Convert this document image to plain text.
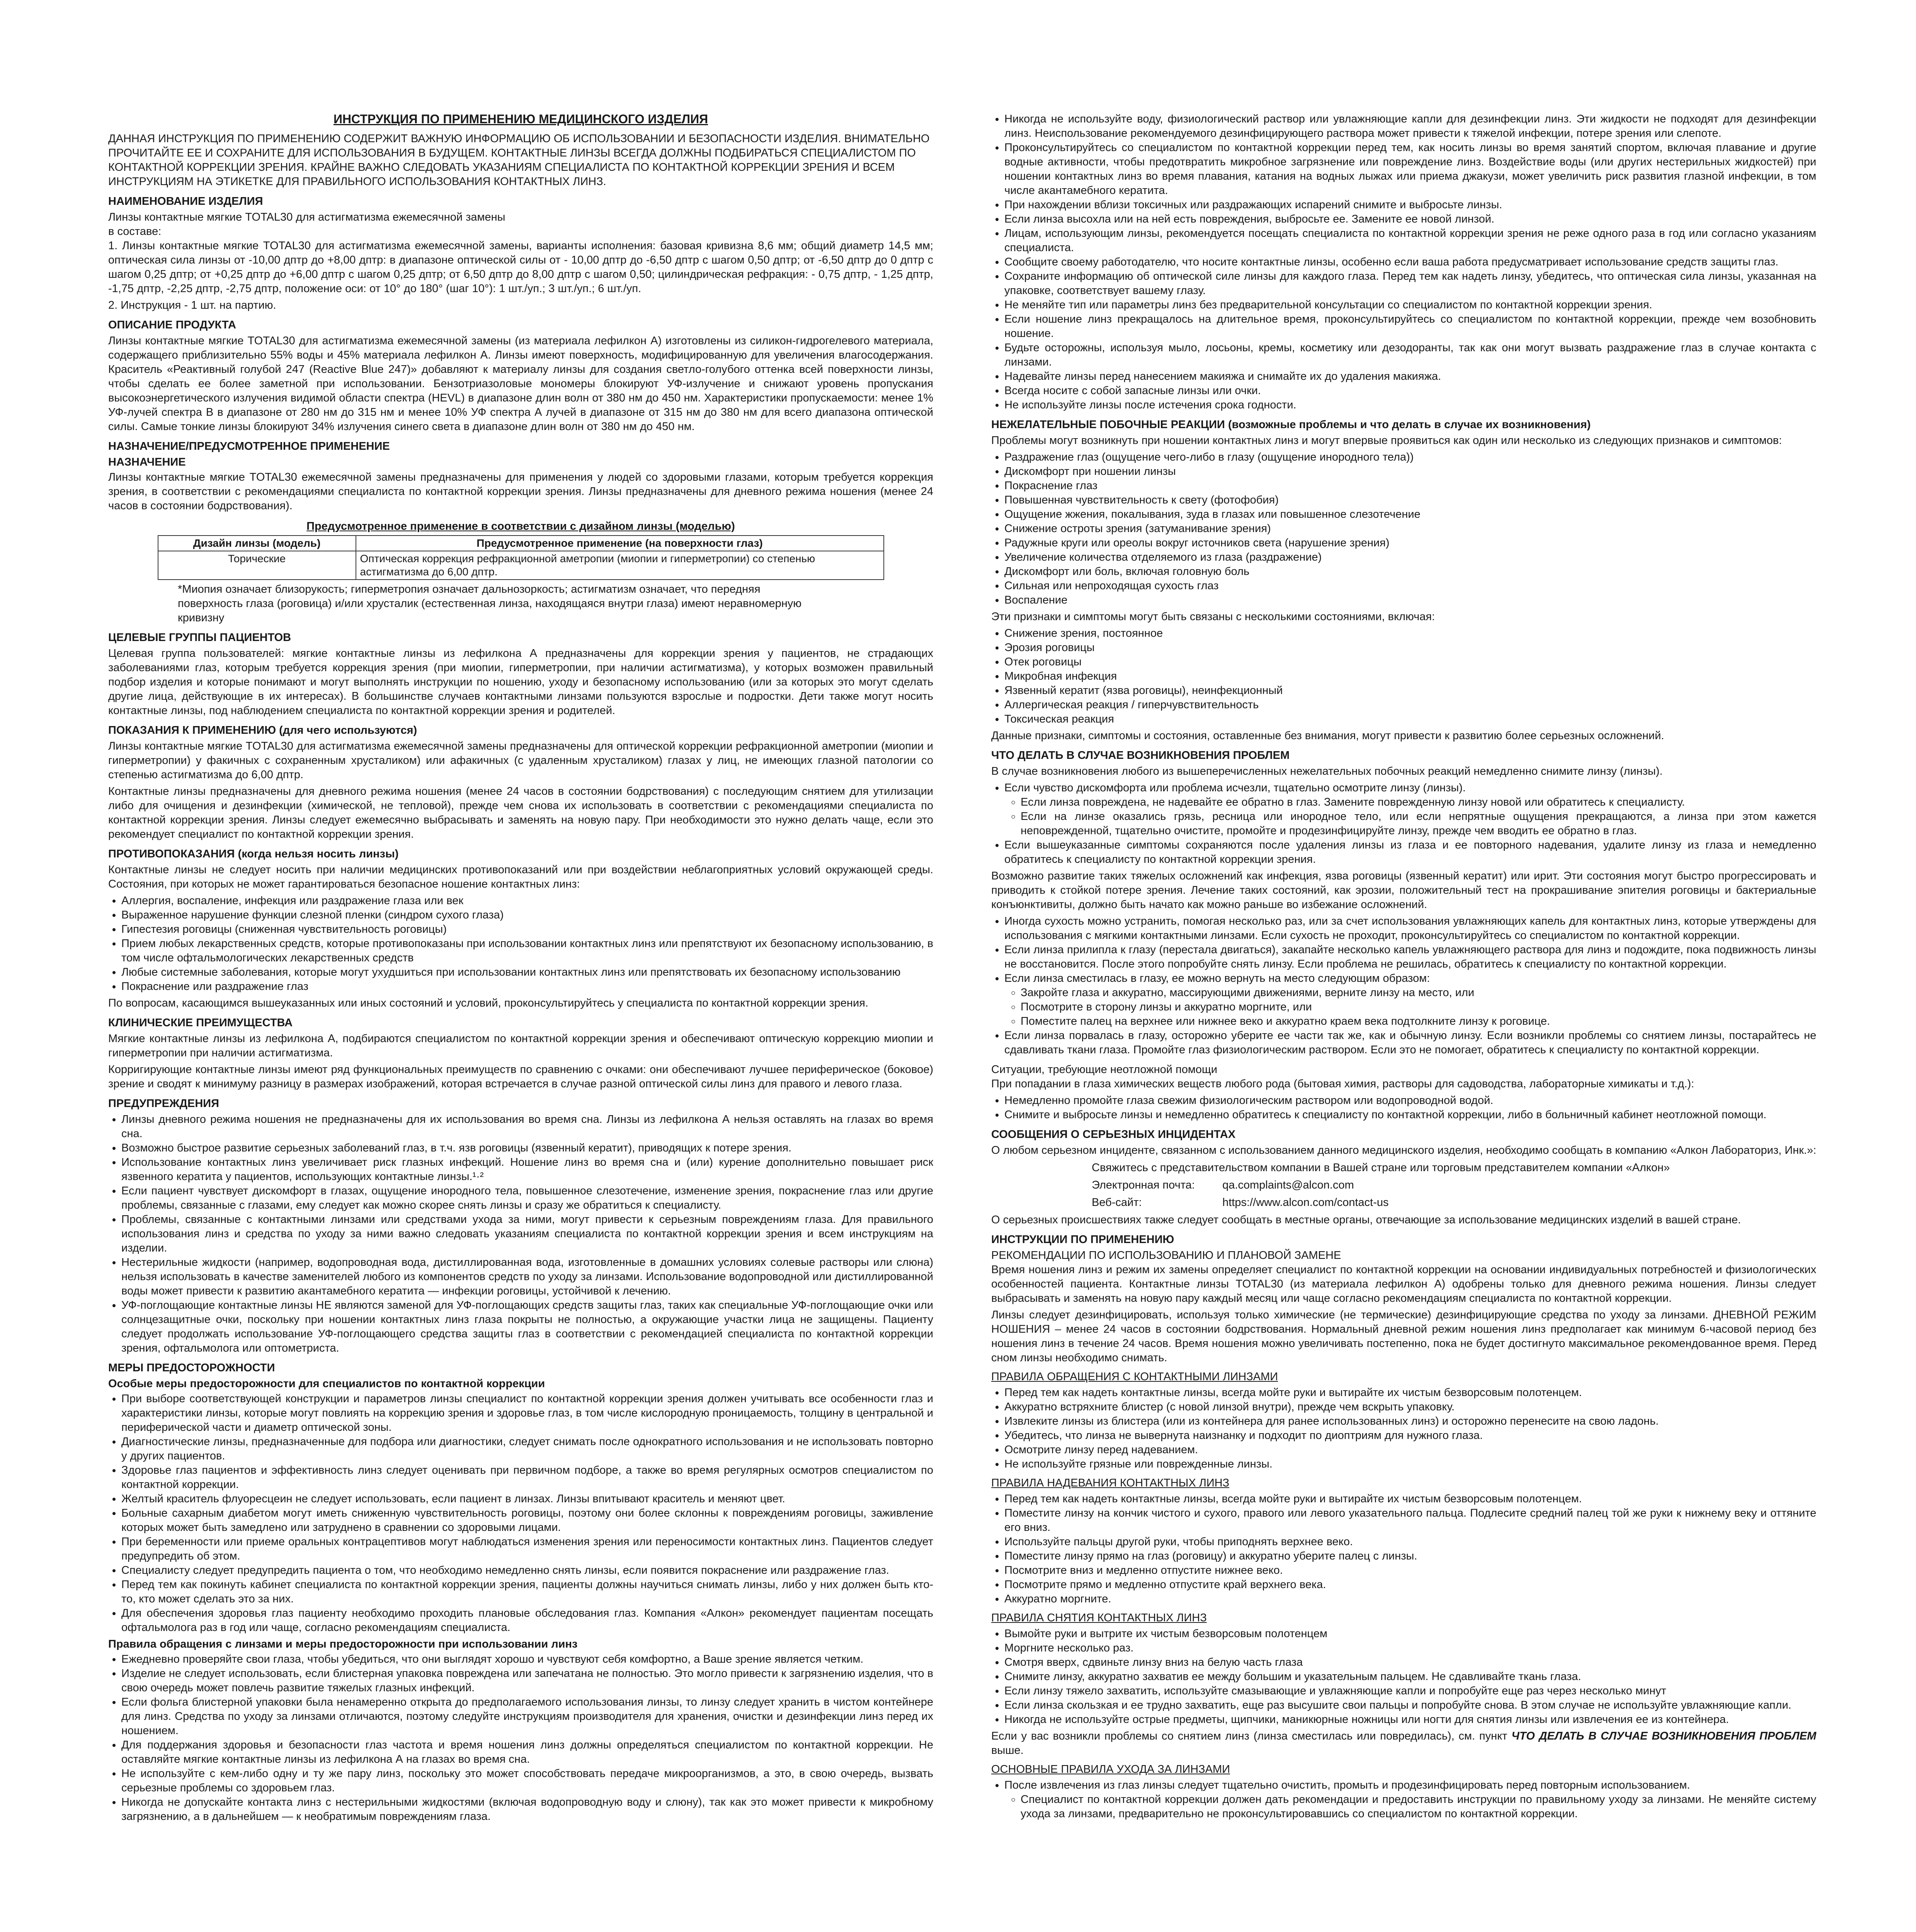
ИНСТРУКЦИЯ ПО ПРИМЕНЕНИЮ МЕДИЦИНСКОГО ИЗДЕЛИЯ
ДАННАЯ ИНСТРУКЦИЯ ПО ПРИМЕНЕНИЮ СОДЕРЖИТ ВАЖНУЮ ИНФОРМАЦИЮ ОБ ИСПОЛЬЗОВАНИИ И БЕЗОПАСНОСТИ ИЗДЕЛИЯ. ВНИМАТЕЛЬНО ПРОЧИТАЙТЕ ЕЕ И СОХРАНИТЕ ДЛЯ ИСПОЛЬЗОВАНИЯ В БУДУЩЕМ. КОНТАКТНЫЕ ЛИНЗЫ ВСЕГДА ДОЛЖНЫ ПОДБИРАТЬСЯ СПЕЦИАЛИСТОМ ПО КОНТАКТНОЙ КОРРЕКЦИИ ЗРЕНИЯ. КРАЙНЕ ВАЖНО СЛЕДОВАТЬ УКАЗАНИЯМ СПЕЦИАЛИСТА ПО КОНТАКТНОЙ КОРРЕКЦИИ ЗРЕНИЯ И ВСЕМ ИНСТРУКЦИЯМ НА ЭТИКЕТКЕ ДЛЯ ПРАВИЛЬНОГО ИСПОЛЬЗОВАНИЯ КОНТАКТНЫХ ЛИНЗ.
НАИМЕНОВАНИЕ ИЗДЕЛИЯ
Линзы контактные мягкие TOTAL30 для астигматизма ежемесячной замены
в составе:
1. Линзы контактные мягкие TOTAL30 для астигматизма ежемесячной замены, варианты исполнения: базовая кривизна 8,6 мм; общий диаметр 14,5 мм; оптическая сила линзы от -10,00 дптр до +8,00 дптр: в диапазоне оптической силы от - 10,00 дптр до -6,50 дптр с шагом 0,50 дптр; от -6,50 дптр до 0 дптр с шагом 0,25 дптр; от +0,25 дптр до +6,00 дптр с шагом 0,25 дптр; от 6,50 дптр до 8,00 дптр с шагом 0,50; цилиндрическая рефракция: - 0,75 дптр, - 1,25 дптр, -1,75 дптр, -2,25 дптр, -2,75 дптр, положение оси: от 10° до 180° (шаг 10°): 1 шт./уп.; 3 шт./уп.; 6 шт./уп.
2. Инструкция - 1 шт. на партию.
ОПИСАНИЕ ПРОДУКТА
Линзы контактные мягкие TOTAL30 для астигматизма ежемесячной замены (из материала лефилкон А) изготовлены из силикон-гидрогелевого материала, содержащего приблизительно 55% воды и 45% материала лефилкон А. Линзы имеют поверхность, модифицированную для увеличения влагосодержания. Краситель «Реактивный голубой 247 (Reactive Blue 247)» добавляют к материалу линзы для создания светло-голубого оттенка всей поверхности линзы, чтобы сделать ее более заметной при использовании. Бензотриазоловые мономеры блокируют УФ-излучение и снижают уровень пропускания высокоэнергетического излучения видимой области спектра (HEVL) в диапазоне длин волн от 380 нм до 450 нм. Характеристики пропускаемости: менее 1% УФ-лучей спектра В в диапазоне от 280 нм до 315 нм и менее 10% УФ спектра А лучей в диапазоне от 315 нм до 380 нм для всего диапазона оптической силы. Самые тонкие линзы блокируют 34% излучения синего света в диапазоне длин волн от 380 нм до 450 нм.
НАЗНАЧЕНИЕ/ПРЕДУСМОТРЕННОЕ ПРИМЕНЕНИЕ
НАЗНАЧЕНИЕ
Линзы контактные мягкие TOTAL30 ежемесячной замены предназначены для применения у людей со здоровыми глазами, которым требуется коррекция зрения, в соответствии с рекомендациями специалиста по контактной коррекции зрения. Линзы предназначены для дневного режима ношения (менее 24 часов в состоянии бодрствования).
Предусмотренное применение в соответствии с дизайном линзы (моделью)
Дизайн линзы (модель)	Предусмотренное применение (на поверхности глаз)
Торические	Оптическая коррекция рефракционной аметропии (миопии и гиперметропии) со степенью астигматизма до 6,00 дптр.
*Миопия означает близорукость; гиперметропия означает дальнозоркость; астигматизм означает, что передняя поверхность глаза (роговица) и/или хрусталик (естественная линза, находящаяся внутри глаза) имеют неравномерную кривизну
ЦЕЛЕВЫЕ ГРУППЫ ПАЦИЕНТОВ
Целевая группа пользователей: мягкие контактные линзы из лефилкона А предназначены для коррекции зрения у пациентов, не страдающих заболеваниями глаз, которым требуется коррекция зрения (при миопии, гиперметропии, при наличии астигматизма), у которых возможен правильный подбор изделия и которые понимают и могут выполнять инструкции по ношению, уходу и безопасному использованию (или за которых это могут сделать другие лица, действующие в их интересах). В большинстве случаев контактными линзами пользуются взрослые и подростки. Дети также могут носить контактные линзы, под наблюдением специалиста по контактной коррекции зрения и родителей.
ПОКАЗАНИЯ К ПРИМЕНЕНИЮ (для чего используются)
Линзы контактные мягкие TOTAL30 для астигматизма ежемесячной замены предназначены для оптической коррекции рефракционной аметропии (миопии и гиперметропии) у факичных с сохраненным хрусталиком) или афакичных (с удаленным хрусталиком) глазах у лиц, не имеющих глазной патологии со степенью астигматизма до 6,00 дптр.
Контактные линзы предназначены для дневного режима ношения (менее 24 часов в состоянии бодрствования) с последующим снятием для утилизации либо для очищения и дезинфекции (химической, не тепловой), прежде чем снова их использовать в соответствии с рекомендациями специалиста по контактной коррекции зрения. Линзы следует ежемесячно выбрасывать и заменять на новую пару. При необходимости это нужно делать чаще, если это рекомендует специалист по контактной коррекции зрения.
ПРОТИВОПОКАЗАНИЯ (когда нельзя носить линзы)
Контактные линзы не следует носить при наличии медицинских противопоказаний или при воздействии неблагоприятных условий окружающей среды. Состояния, при которых не может гарантироваться безопасное ношение контактных линз:
• Аллергия, воспаление, инфекция или раздражение глаза или век
• Выраженное нарушение функции слезной пленки (синдром сухого глаза)
• Гипестезия роговицы (сниженная чувствительность роговицы)
• Прием любых лекарственных средств, которые противопоказаны при использовании контактных линз или препятствуют их безопасному использованию, в том числе офтальмологических лекарственных средств
• Любые системные заболевания, которые могут ухудшиться при использовании контактных линз или препятствовать их безопасному использованию
• Покраснение или раздражение глаз
По вопросам, касающимся вышеуказанных или иных состояний и условий, проконсультируйтесь у специалиста по контактной коррекции зрения.
КЛИНИЧЕСКИЕ ПРЕИМУЩЕСТВА
Мягкие контактные линзы из лефилкона А, подбираются специалистом по контактной коррекции зрения и обеспечивают оптическую коррекцию миопии и гиперметропии при наличии астигматизма.
Корригирующие контактные линзы имеют ряд функциональных преимуществ по сравнению с очками: они обеспечивают лучшее периферическое (боковое) зрение и сводят к минимуму разницу в размерах изображений, которая встречается в случае разной оптической силы линз для правого и левого глаза.
ПРЕДУПРЕЖДЕНИЯ
• Линзы дневного режима ношения не предназначены для их использования во время сна. Линзы из лефилкона А нельзя оставлять на глазах во время сна.
• Возможно быстрое развитие серьезных заболеваний глаз, в т.ч. язв роговицы (язвенный кератит), приводящих к потере зрения.
• Использование контактных линз увеличивает риск глазных инфекций. Ношение линз во время сна и (или) курение дополнительно повышает риск язвенного кератита у пациентов, использующих контактные линзы.¹·²
• Если пациент чувствует дискомфорт в глазах, ощущение инородного тела, повышенное слезотечение, изменение зрения, покраснение глаз или другие проблемы, связанные с глазами, ему следует как можно скорее снять линзы и сразу же обратиться к специалисту.
• Проблемы, связанные с контактными линзами или средствами ухода за ними, могут привести к серьезным повреждениям глаза. Для правильного использования линз и средства по уходу за ними важно следовать указаниям специалиста по контактной коррекции зрения и всем инструкциям на изделии.
• Нестерильные жидкости (например, водопроводная вода, дистиллированная вода, изготовленные в домашних условиях солевые растворы или слюна) нельзя использовать в качестве заменителей любого из компонентов средств по уходу за линзами. Использование водопроводной или дистиллированной воды может привести к развитию акантамебного кератита — инфекции роговицы, устойчивой к лечению.
• УФ-поглощающие контактные линзы НЕ являются заменой для УФ-поглощающих средств защиты глаз, таких как специальные УФ-поглощающие очки или солнцезащитные очки, поскольку при ношении контактных линз глаза покрыты не полностью, а окружающие участки лица не защищены. Пациенту следует продолжать использование УФ-поглощающего средства защиты глаз в соответствии с рекомендацией специалиста по контактной коррекции зрения, офтальмолога или оптометриста.
МЕРЫ ПРЕДОСТОРОЖНОСТИ
Особые меры предосторожности для специалистов по контактной коррекции
• При выборе соответствующей конструкции и параметров линзы специалист по контактной коррекции зрения должен учитывать все особенности глаз и характеристики линзы, которые могут повлиять на коррекцию зрения и здоровье глаз, в том числе кислородную проницаемость, толщину в центральной и периферической части и диаметр оптической зоны.
• Диагностические линзы, предназначенные для подбора или диагностики, следует снимать после однократного использования и не использовать повторно у других пациентов.
• Здоровье глаз пациентов и эффективность линз следует оценивать при первичном подборе, а также во время регулярных осмотров специалистом по контактной коррекции.
• Желтый краситель флуоресцеин не следует использовать, если пациент в линзах. Линзы впитывают краситель и меняют цвет.
• Больные сахарным диабетом могут иметь сниженную чувствительность роговицы, поэтому они более склонны к повреждениям роговицы, заживление которых может быть замедлено или затруднено в сравнении со здоровыми лицами.
• При беременности или приеме оральных контрацептивов могут наблюдаться изменения зрения или переносимости контактных линз. Пациентов следует предупредить об этом.
• Специалисту следует предупредить пациента о том, что необходимо немедленно снять линзы, если появится покраснение или раздражение глаз.
• Перед тем как покинуть кабинет специалиста по контактной коррекции зрения, пациенты должны научиться снимать линзы, либо у них должен быть кто-то, кто может сделать это за них.
• Для обеспечения здоровья глаз пациенту необходимо проходить плановые обследования глаз. Компания «Алкон» рекомендует пациентам посещать офтальмолога раз в год или чаще, согласно рекомендациям специалиста.
Правила обращения с линзами и меры предосторожности при использовании линз
• Ежедневно проверяйте свои глаза, чтобы убедиться, что они выглядят хорошо и чувствуют себя комфортно, а Ваше зрение является четким.
• Изделие не следует использовать, если блистерная упаковка повреждена или запечатана не полностью. Это могло привести к загрязнению изделия, что в свою очередь может повлечь развитие тяжелых глазных инфекций.
• Если фольга блистерной упаковки была ненамеренно открыта до предполагаемого использования линзы, то линзу следует хранить в чистом контейнере для линз. Средства по уходу за линзами отличаются, поэтому следуйте инструкциям производителя для хранения, очистки и дезинфекции линз перед их ношением.
• Для поддержания здоровья и безопасности глаз частота и время ношения линз должны определяться специалистом по контактной коррекции. Не оставляйте мягкие контактные линзы из лефилкона А на глазах во время сна.
• Не используйте с кем-либо одну и ту же пару линз, поскольку это может способствовать передаче микроорганизмов, а это, в свою очередь, вызвать серьезные проблемы со здоровьем глаз.
• Никогда не допускайте контакта линз с нестерильными жидкостями (включая водопроводную воду и слюну), так как это может привести к микробному загрязнению, а в дальнейшем — к необратимым повреждениям глаза.
• Никогда не используйте воду, физиологический раствор или увлажняющие капли для дезинфекции линз. Эти жидкости не подходят для дезинфекции линз. Неиспользование рекомендуемого дезинфицирующего раствора может привести к тяжелой инфекции, потере зрения или слепоте.
• Проконсультируйтесь со специалистом по контактной коррекции перед тем, как носить линзы во время занятий спортом, включая плавание и другие водные активности, чтобы предотвратить микробное загрязнение или повреждение линз. Воздействие воды (или других нестерильных жидкостей) при ношении контактных линз во время плавания, катания на водных лыжах или приема джакузи, может увеличить риск развития глазной инфекции, в том числе акантамебного кератита.
• При нахождении вблизи токсичных или раздражающих испарений снимите и выбросьте линзы.
• Если линза высохла или на ней есть повреждения, выбросьте ее. Замените ее новой линзой.
• Лицам, использующим линзы, рекомендуется посещать специалиста по контактной коррекции зрения не реже одного раза в год или согласно указаниям специалиста.
• Сообщите своему работодателю, что носите контактные линзы, особенно если ваша работа предусматривает использование средств защиты глаз.
• Сохраните информацию об оптической силе линзы для каждого глаза. Перед тем как надеть линзу, убедитесь, что оптическая сила линзы, указанная на упаковке, соответствует вашему глазу.
• Не меняйте тип или параметры линз без предварительной консультации со специалистом по контактной коррекции зрения.
• Если ношение линз прекращалось на длительное время, проконсультируйтесь со специалистом по контактной коррекции, прежде чем возобновить ношение.
• Будьте осторожны, используя мыло, лосьоны, кремы, косметику или дезодоранты, так как они могут вызвать раздражение глаз в случае контакта с линзами.
• Надевайте линзы перед нанесением макияжа и снимайте их до удаления макияжа.
• Всегда носите с собой запасные линзы или очки.
• Не используйте линзы после истечения срока годности.
НЕЖЕЛАТЕЛЬНЫЕ ПОБОЧНЫЕ РЕАКЦИИ (возможные проблемы и что делать в случае их возникновения)
Проблемы могут возникнуть при ношении контактных линз и могут впервые проявиться как один или несколько из следующих признаков и симптомов:
• Раздражение глаз (ощущение чего-либо в глазу (ощущение инородного тела))
• Дискомфорт при ношении линзы
• Покраснение глаз
• Повышенная чувствительность к свету (фотофобия)
• Ощущение жжения, покалывания, зуда в глазах или повышенное слезотечение
• Снижение остроты зрения (затуманивание зрения)
• Радужные круги или ореолы вокруг источников света (нарушение зрения)
• Увеличение количества отделяемого из глаза (раздражение)
• Дискомфорт или боль, включая головную боль
• Сильная или непроходящая сухость глаз
• Воспаление
Эти признаки и симптомы могут быть связаны с несколькими состояниями, включая:
• Снижение зрения, постоянное
• Эрозия роговицы
• Отек роговицы
• Микробная инфекция
• Язвенный кератит (язва роговицы), неинфекционный
• Аллергическая реакция / гиперчувствительность
• Токсическая реакция
Данные признаки, симптомы и состояния, оставленные без внимания, могут привести к развитию более серьезных осложнений.
ЧТО ДЕЛАТЬ В СЛУЧАЕ ВОЗНИКНОВЕНИЯ ПРОБЛЕМ
В случае возникновения любого из вышеперечисленных нежелательных побочных реакций немедленно снимите линзу (линзы).
• Если чувство дискомфорта или проблема исчезли, тщательно осмотрите линзу (линзы).
◦ Если линза повреждена, не надевайте ее обратно в глаз. Замените поврежденную линзу новой или обратитесь к специалисту.
◦ Если на линзе оказались грязь, ресница или инородное тело, или если непрятные ощущения прекращаются, а линза при этом кажется неповрежденной, тщательно очистите, промойте и продезинфицируйте линзу, прежде чем вводить ее обратно в глаз.
• Если вышеуказанные симптомы сохраняются после удаления линзы из глаза и ее повторного надевания, удалите линзу из глаза и немедленно обратитесь к специалисту по контактной коррекции зрения.
Возможно развитие таких тяжелых осложнений как инфекция, язва роговицы (язвенный кератит) или ирит. Эти состояния могут быстро прогрессировать и приводить к стойкой потере зрения. Лечение таких состояний, как эрозии, положительный тест на прокрашивание эпителия роговицы и бактериальные конъюнктивиты, должно быть начато как можно раньше во избежание осложнений.
• Иногда сухость можно устранить, помогая несколько раз, или за счет использования увлажняющих капель для контактных линз, которые утверждены для использования с мягкими контактными линзами. Если сухость не проходит, проконсультируйтесь со специалистом по контактной коррекции.
• Если линза прилипла к глазу (перестала двигаться), закапайте несколько капель увлажняющего раствора для линз и подождите, пока подвижность линзы не восстановится. После этого попробуйте снять линзу. Если проблема не решилась, обратитесь к специалисту по контактной коррекции.
• Если линза сместилась в глазу, ее можно вернуть на место следующим образом:
◦ Закройте глаза и аккуратно, массирующими движениями, верните линзу на место, или
◦ Посмотрите в сторону линзы и аккуратно моргните, или
◦ Поместите палец на верхнее или нижнее веко и аккуратно краем века подтолкните линзу к роговице.
• Если линза порвалась в глазу, осторожно уберите ее части так же, как и обычную линзу. Если возникли проблемы со снятием линзы, постарайтесь не сдавливать ткани глаза. Промойте глаз физиологическим раствором. Если это не помогает, обратитесь к специалисту по контактной коррекции.
Ситуации, требующие неотложной помощи
При попадании в глаза химических веществ любого рода (бытовая химия, растворы для садоводства, лабораторные химикаты и т.д.):
• Немедленно промойте глаза свежим физиологическим раствором или водопроводной водой.
• Снимите и выбросьте линзы и немедленно обратитесь к специалисту по контактной коррекции, либо в больничный кабинет неотложной помощи.
СООБЩЕНИЯ О СЕРЬЕЗНЫХ ИНЦИДЕНТАХ
О любом серьезном инциденте, связанном с использованием данного медицинского изделия, необходимо сообщать в компанию «Алкон Лабораториз, Инк.»:
Свяжитесь с представительством компании в Вашей стране или торговым представителем компании «Алкон»
Электронная почта: qa.complaints@alcon.com
Веб-сайт:	https://www.alcon.com/contact-us
О серьезных происшествиях также следует сообщать в местные органы, отвечающие за использование медицинских изделий в вашей стране.
ИНСТРУКЦИИ ПО ПРИМЕНЕНИЮ
РЕКОМЕНДАЦИИ ПО ИСПОЛЬЗОВАНИЮ И ПЛАНОВОЙ ЗАМЕНЕ
Время ношения линз и режим их замены определяет специалист по контактной коррекции на основании индивидуальных потребностей и физиологических особенностей пациента. Контактные линзы TOTAL30 (из материала лефилкон А) одобрены только для дневного режима ношения. Линзы следует выбрасывать и заменять на новую пару каждый месяц или чаще согласно рекомендациям специалиста по контактной коррекции.
Линзы следует дезинфицировать, используя только химические (не термические) дезинфицирующие средства по уходу за линзами. ДНЕВНОЙ РЕЖИМ НОШЕНИЯ – менее 24 часов в состоянии бодрствования. Нормальный дневной режим ношения линз предполагает как минимум 6-часовой период без ношения линз в течение 24 часов. Время ношения можно увеличивать постепенно, пока не будет достигнуто максимальное рекомендованное время. Перед сном линзы необходимо снимать.
ПРАВИЛА ОБРАЩЕНИЯ С КОНТАКТНЫМИ ЛИНЗАМИ
• Перед тем как надеть контактные линзы, всегда мойте руки и вытирайте их чистым безворсовым полотенцем.
• Аккуратно встряхните блистер (с новой линзой внутри), прежде чем вскрыть упаковку.
• Извлеките линзы из блистера (или из контейнера для ранее использованных линз) и осторожно перенесите на свою ладонь.
• Убедитесь, что линза не вывернута наизнанку и подходит по диоптриям для нужного глаза.
• Осмотрите линзу перед надеванием.
• Не используйте грязные или поврежденные линзы.
ПРАВИЛА НАДЕВАНИЯ КОНТАКТНЫХ ЛИНЗ
• Перед тем как надеть контактные линзы, всегда мойте руки и вытирайте их чистым безворсовым полотенцем.
• Поместите линзу на кончик чистого и сухого, правого или левого указательного пальца. Подлесите средний палец той же руки к нижнему веку и оттяните его вниз.
• Используйте пальцы другой руки, чтобы приподнять верхнее веко.
• Поместите линзу прямо на глаз (роговицу) и аккуратно уберите палец с линзы.
• Посмотрите вниз и медленно отпустите нижнее веко.
• Посмотрите прямо и медленно отпустите край верхнего века.
• Аккуратно моргните.
ПРАВИЛА СНЯТИЯ КОНТАКТНЫХ ЛИНЗ
• Вымойте руки и вытрите их чистым безворсовым полотенцем
• Моргните несколько раз.
• Смотря вверх, сдвиньте линзу вниз на белую часть глаза
• Снимите линзу, аккуратно захватив ее между большим и указательным пальцем. Не сдавливайте ткань глаза.
• Если линзу тяжело захватить, используйте смазывающие и увлажняющие капли и попробуйте еще раз через несколько минут
• Если линза скользкая и ее трудно захватить, еще раз высушите свои пальцы и попробуйте снова. В этом случае не используйте увлажняющие капли.
• Никогда не используйте острые предметы, щипчики, маникюрные ножницы или ногти для снятия линзы или извлечения ее из контейнера.
Если у вас возникли проблемы со снятием линз (линза сместилась или повредилась), см. пункт ЧТО ДЕЛАТЬ В СЛУЧАЕ ВОЗНИКНОВЕНИЯ ПРОБЛЕМ выше.
ОСНОВНЫЕ ПРАВИЛА УХОДА ЗА ЛИНЗАМИ
• После извлечения из глаз линзы следует тщательно очистить, промыть и продезинфицировать перед повторным использованием.
◦ Специалист по контактной коррекции должен дать рекомендации и предоставить инструкции по правильному уходу за линзами. Не меняйте систему ухода за линзами, предварительно не проконсультировавшись со специалистом по контактной коррекции.
